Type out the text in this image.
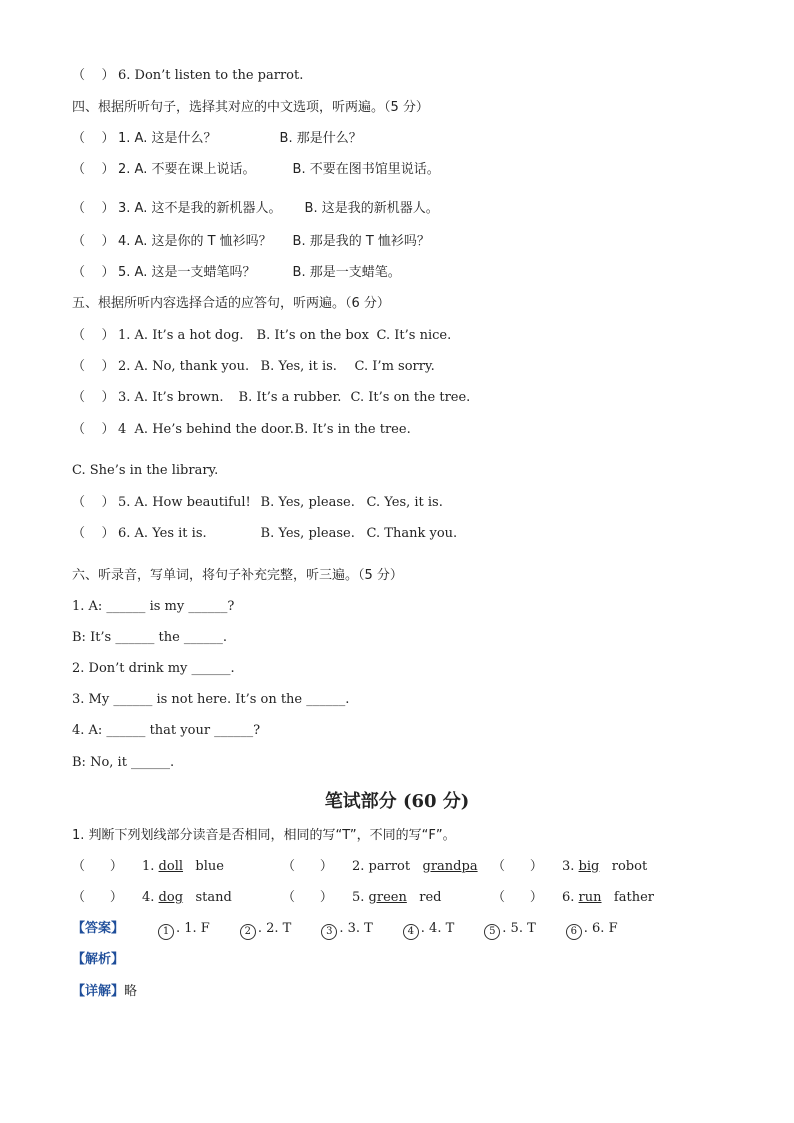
（ ） 6. Don’t listen to the parrot.
四、根据所听句子，选择其对应的中文选项，听两遍。（5 分）
（ ） 1. A. 这是什么？	B. 那是什么？
（ ） 2. A. 不要在课上说话。	B. 不要在图书馆里说话。
（ ） 3. A. 这不是我的新机器人。 B. 这是我的新机器人。
（ ） 4. A. 这是你的 T 恤衫吗？ B. 那是我的 T 恤衫吗？
（ ） 5. A. 这是一支蜡笔吗？	B. 那是一支蜡笔。
五、根据所听内容选择合适的应答句，听两遍。（6 分）
（ ） 1. A. It’s a hot dog. B. It’s on the box C. It’s nice.
（ ） 2. A. No, thank you. B. Yes, it is. C. I’m sorry.
（ ） 3. A. It’s brown. B. It’s a rubber. C. It’s on the tree.
（ ） 4 A. He’s behind the door.B. It’s in the tree.
C. She’s in the library.
（ ） 5. A. How beautiful! B. Yes, please. C. Yes, it is.
（ ） 6. A. Yes it is.	B. Yes, please. C. Thank you.
六、听录音，写单词，将句子补充完整，听三遍。（5 分）
1. A: ______ is my ______?
B: It’s ______ the ______.
2. Don’t drink my ______.
3. My ______ is not here. It’s on the ______.
4. A: ______ that your ______?
B: No, it ______.
笔试部分 (60 分)
1. 判断下列划线部分读音是否相同，相同的写“T”，不同的写“F”。
（ ） 1. doll blue	（ ） 2. parrot grandpa （ ） 3. big robot
（ ） 4. dog stand	（ ） 5. green red	（ ） 6. run father
【答案】	1 . 1. F	2 . 2. T	3 . 3. T	4 . 4. T	5 . 5. T	6 . 6. F
【解析】
【详解】略
